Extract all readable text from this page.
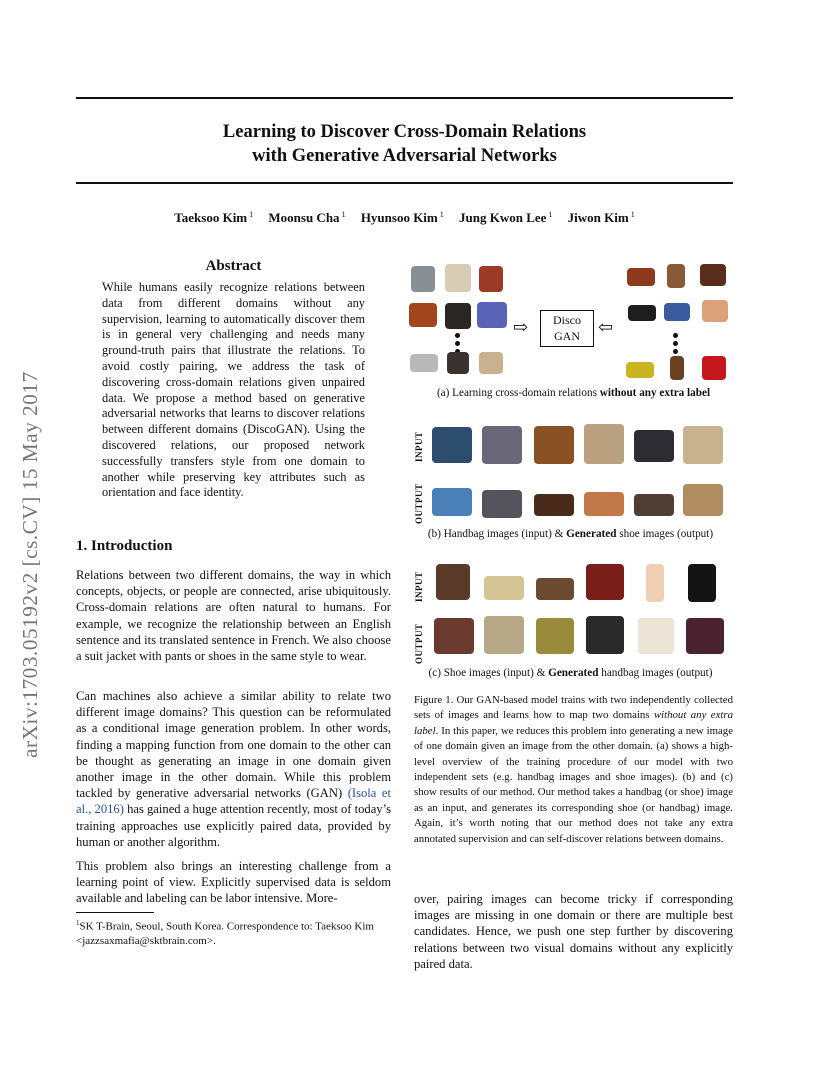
Learning to Discover Cross-Domain Relations
with Generative Adversarial Networks
Taeksoo Kim $^1$ Moonsu Cha $^1$ Hyunsoo Kim $^1$ Jung Kwon Lee $^1$ Jiwon Kim $^1$
arXiv:1703.05192v2 [cs.CV] 15 May 2017
Abstract
While humans easily recognize relations between data from different domains without any supervision, learning to automatically discover them is in general very challenging and needs many ground-truth pairs that illustrate the relations. To avoid costly pairing, we address the task of discovering cross-domain relations given unpaired data. We propose a method based on generative adversarial networks that learns to discover relations between different domains (DiscoGAN). Using the discovered relations, our proposed network successfully transfers style from one domain to another while preserving key attributes such as orientation and face identity.
1. Introduction
Relations between two different domains, the way in which concepts, objects, or people are connected, arise ubiquitously. Cross-domain relations are often natural to humans. For example, we recognize the relationship between an English sentence and its translated sentence in French. We also choose a suit jacket with pants or shoes in the same style to wear.
Can machines also achieve a similar ability to relate two different image domains? This question can be reformulated as a conditional image generation problem. In other words, finding a mapping function from one domain to the other can be thought as generating an image in one domain given another image in the other domain. While this problem tackled by generative adversarial networks (GAN) (Isola et al., 2016) has gained a huge attention recently, most of today’s training approaches use explicitly paired data, provided by human or another algorithm.
This problem also brings an interesting challenge from a learning point of view. Explicitly supervised data is seldom available and labeling can be labor intensive. More-
$^1$SK T-Brain, Seoul, South Korea. Correspondence to: Taeksoo Kim <jazzsaxmafia@sktbrain.com>.
⇨	Disco
GAN	⇦
(a) Learning cross-domain relations without any extra label
INPUT
OUTPUT
(b) Handbag images (input) & Generated shoe images (output)
INPUT
OUTPUT
(c) Shoe images (input) & Generated handbag images (output)
Figure 1. Our GAN-based model trains with two independently collected sets of images and learns how to map two domains without any extra label. In this paper, we reduces this problem into generating a new image of one domain given an image from the other domain. (a) shows a high-level overview of the training procedure of our model with two independent sets (e.g. handbag images and shoe images). (b) and (c) show results of our method. Our method takes a handbag (or shoe) image as an input, and generates its corresponding shoe (or handbag) image. Again, it’s worth noting that our method does not take any extra annotated supervision and can self-discover relations between domains.
over, pairing images can become tricky if corresponding images are missing in one domain or there are multiple best candidates. Hence, we push one step further by discovering relations between two visual domains without any explicitly paired data.
